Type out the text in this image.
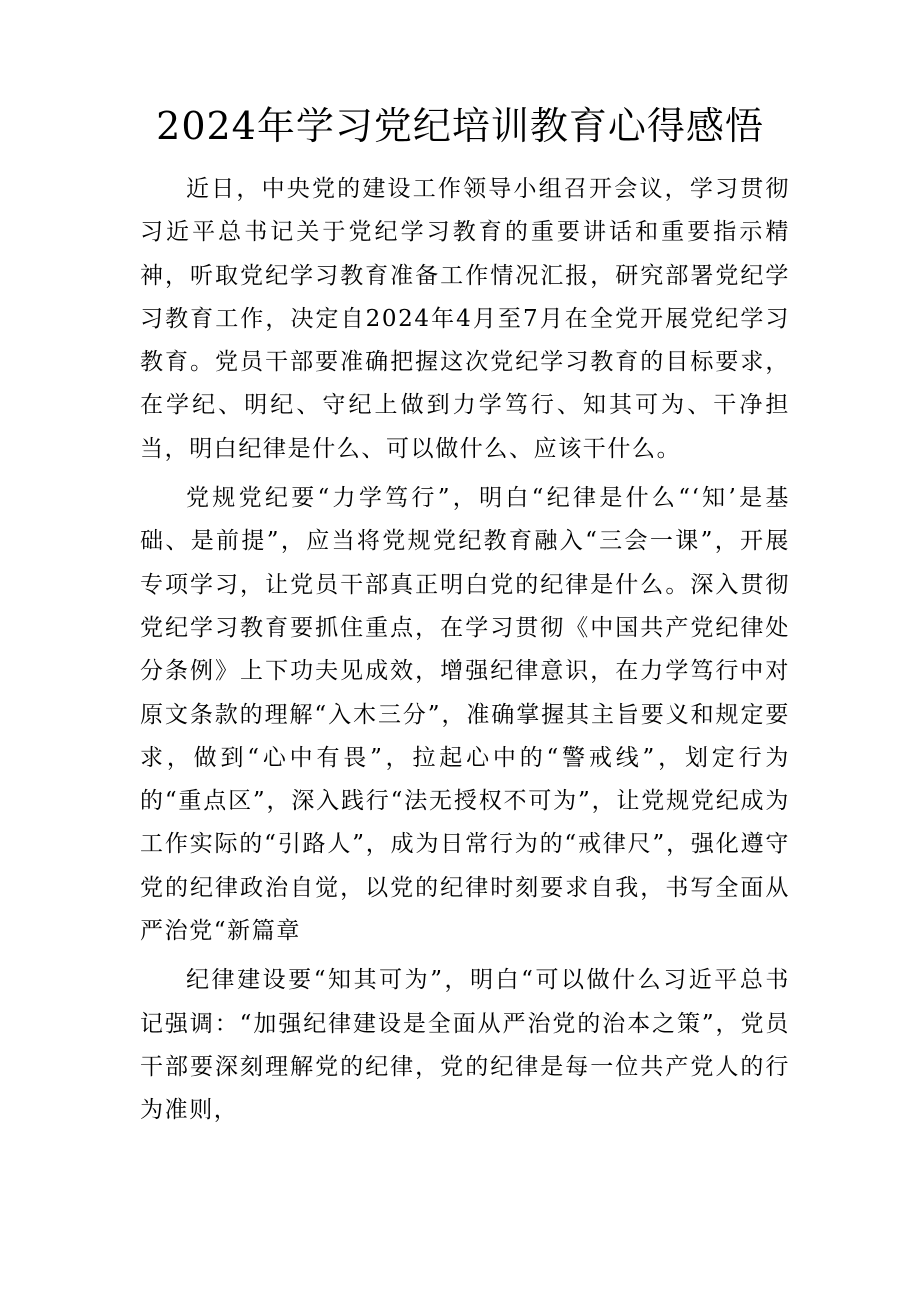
2024年学习党纪培训教育心得感悟

近日，中央党的建设工作领导小组召开会议，学习贯彻习近平总书记关于党纪学习教育的重要讲话和重要指示精神，听取党纪学习教育准备工作情况汇报，研究部署党纪学习教育工作，决定自2024年4月至7月在全党开展党纪学习教育。党员干部要准确把握这次党纪学习教育的目标要求，在学纪、明纪、守纪上做到力学笃行、知其可为、干净担当，明白纪律是什么、可以做什么、应该干什么。

党规党纪要“力学笃行”，明白“纪律是什么“‘知’是基础、是前提”，应当将党规党纪教育融入“三会一课”，开展专项学习，让党员干部真正明白党的纪律是什么。深入贯彻党纪学习教育要抓住重点，在学习贯彻《中国共产党纪律处分条例》上下功夫见成效，增强纪律意识，在力学笃行中对原文条款的理解“入木三分”，准确掌握其主旨要义和规定要求，做到“心中有畏”，拉起心中的“警戒线”，划定行为的“重点区”，深入践行“法无授权不可为”，让党规党纪成为工作实际的“引路人”，成为日常行为的“戒律尺”，强化遵守党的纪律政治自觉，以党的纪律时刻要求自我，书写全面从严治党“新篇章

纪律建设要“知其可为”，明白“可以做什么习近平总书记强调：“加强纪律建设是全面从严治党的治本之策”，党员干部要深刻理解党的纪律，党的纪律是每一位共产党人的行为准则，
